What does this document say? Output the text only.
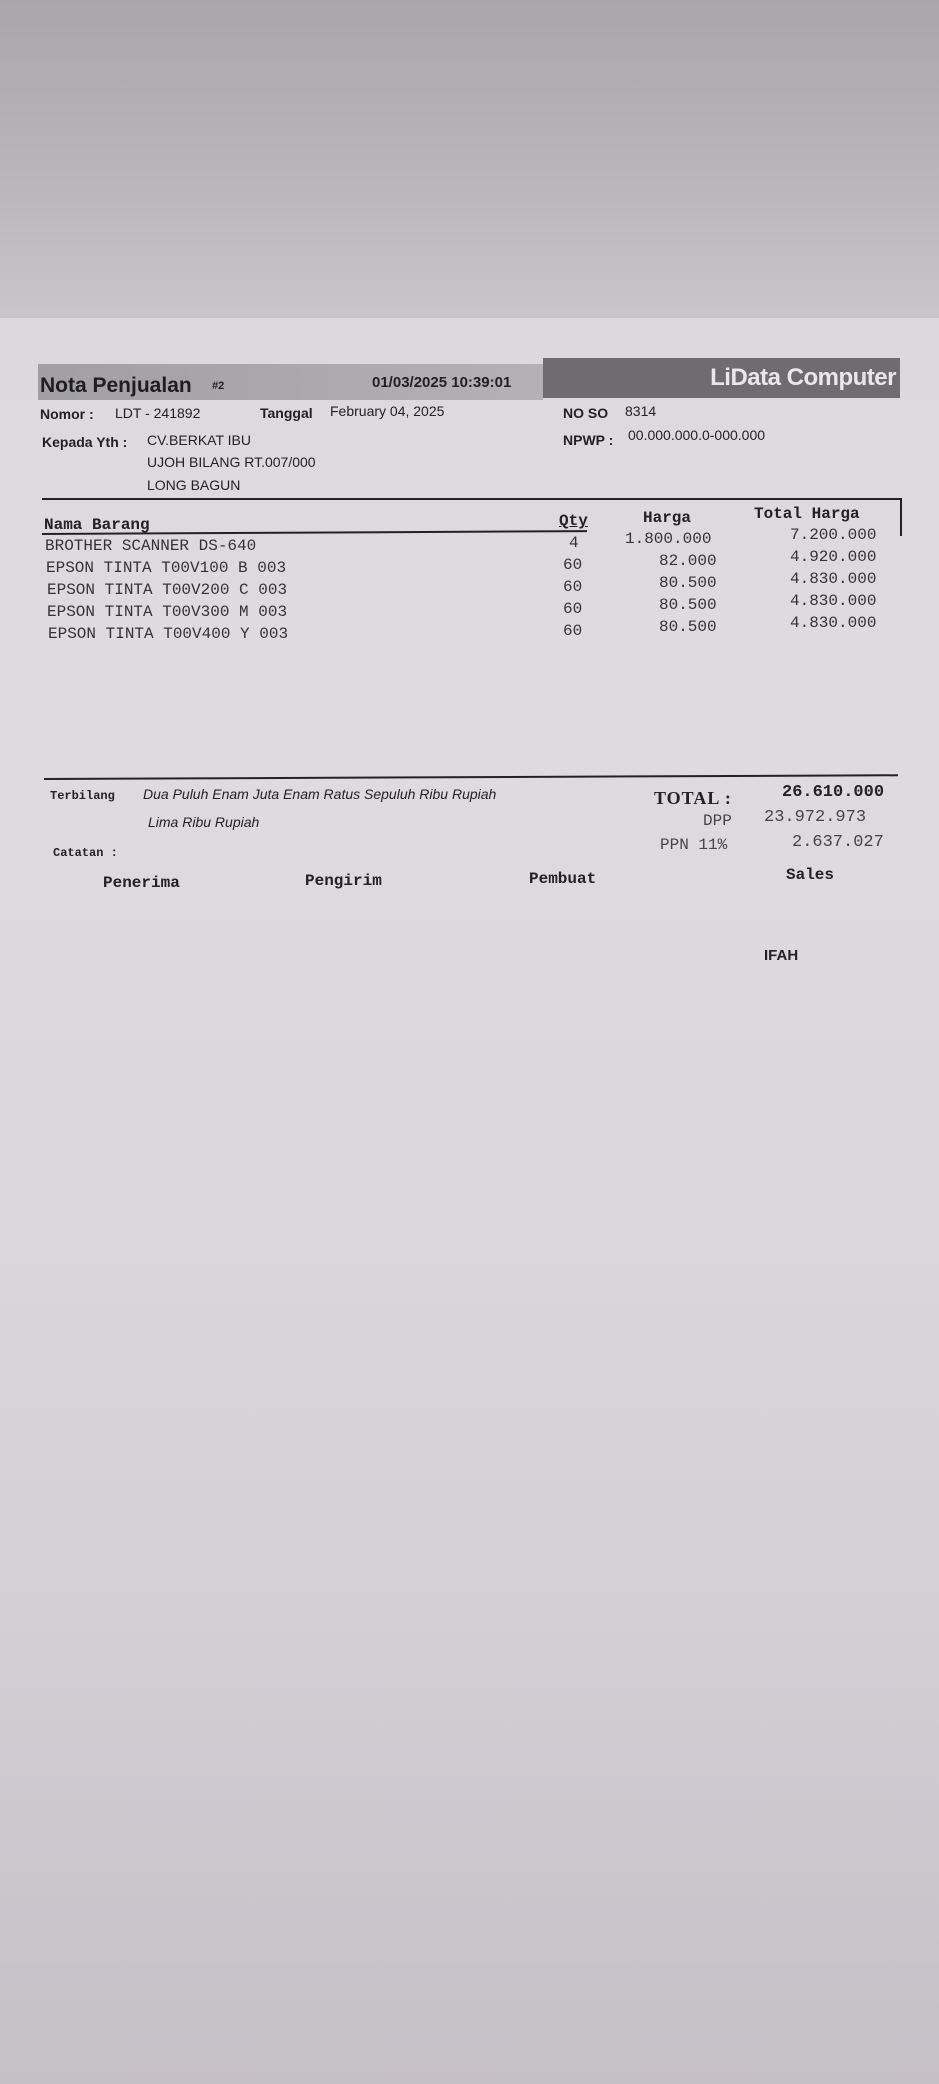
LiData Computer
Nota Penjualan #2	01/03/2025 10:39:01
Nomor : LDT - 241892	Tanggal February 04, 2025	NO SO 8314
Kepada Yth : CV.BERKAT IBU
UJOH BILANG RT.007/000
LONG BAGUN
NPWP : 00.000.000.0-000.000
Nama Barang	Qty	Harga	Total Harga
BROTHER SCANNER DS-640	4	1.800.000	7.200.000
EPSON TINTA T00V100 B 003	60	82.000	4.920.000
EPSON TINTA T00V200 C 003	60	80.500	4.830.000
EPSON TINTA T00V300 M 003	60	80.500	4.830.000
EPSON TINTA T00V400 Y 003	60	80.500	4.830.000
Terbilang Dua Puluh Enam Juta Enam Ratus Sepuluh Ribu Rupiah
Lima Ribu Rupiah
Catatan :
TOTAL :	26.610.000
DPP 23.972.973
PPN 11%	2.637.027
Penerima	Pengirim	Pembuat	Sales
IFAH
